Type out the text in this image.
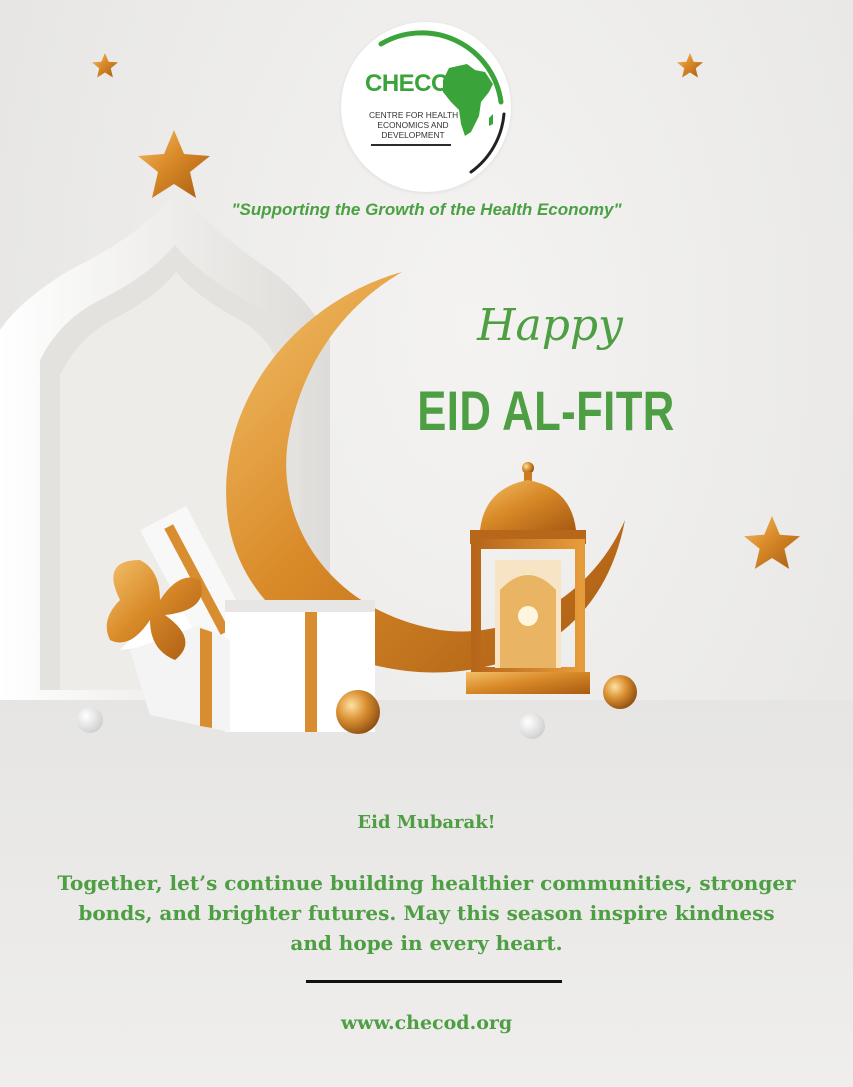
CHECOD
CENTRE FOR HEALTH
ECONOMICS AND
DEVELOPMENT
"Supporting the Growth of the Health Economy"
Happy
EID AL-FITR
Eid Mubarak!
Together, let’s continue building healthier communities, stronger
bonds, and brighter futures. May this season inspire kindness
and hope in every heart.
www.checod.org
